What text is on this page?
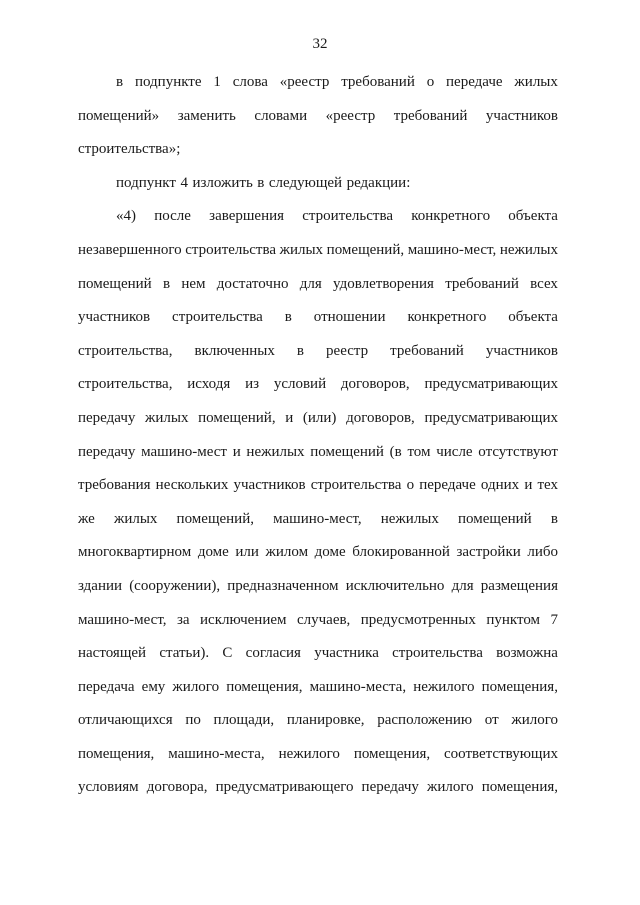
32
в подпункте 1 слова «реестр требований о передаче жилых
помещений» заменить словами «реестр требований участников
строительства»;
подпункт 4 изложить в следующей редакции:
«4) после завершения строительства конкретного объекта
незавершенного строительства жилых помещений, машино-мест, нежилых
помещений в нем достаточно для удовлетворения требований всех
участников строительства в отношении конкретного объекта
строительства, включенных в реестр требований участников
строительства, исходя из условий договоров, предусматривающих
передачу жилых помещений, и (или) договоров, предусматривающих
передачу машино-мест и нежилых помещений (в том числе отсутствуют
требования нескольких участников строительства о передаче одних и тех
же жилых помещений, машино-мест, нежилых помещений в
многоквартирном доме или жилом доме блокированной застройки либо
здании (сооружении), предназначенном исключительно для размещения
машино-мест, за исключением случаев, предусмотренных пунктом 7
настоящей статьи). С согласия участника строительства возможна
передача ему жилого помещения, машино-места, нежилого помещения,
отличающихся по площади, планировке, расположению от жилого
помещения, машино-места, нежилого помещения, соответствующих
условиям договора, предусматривающего передачу жилого помещения,
